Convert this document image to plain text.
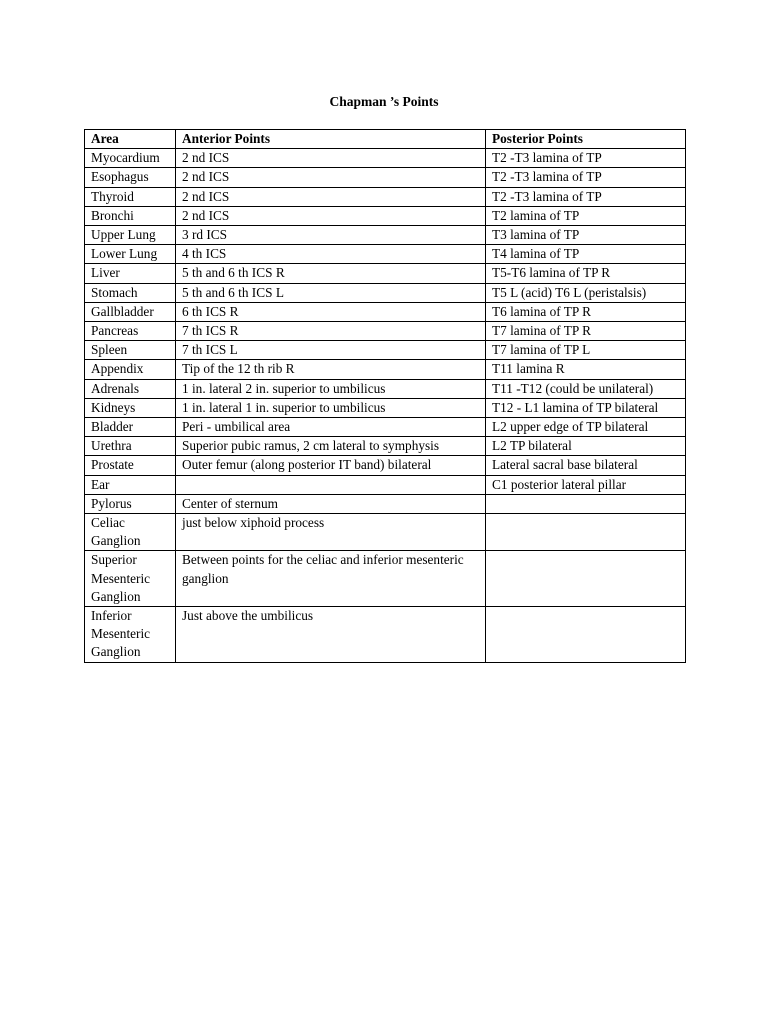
Chapman ’s Points
Area	Anterior Points	Posterior Points
Myocardium	2 nd ICS	T2 -T3 lamina of TP
Esophagus	2 nd ICS	T2 -T3 lamina of TP
Thyroid	2 nd ICS	T2 -T3 lamina of TP
Bronchi	2 nd ICS	T2 lamina of TP
Upper Lung	3 rd ICS	T3 lamina of TP
Lower Lung	4 th ICS	T4 lamina of TP
Liver	5 th and 6 th ICS R	T5-T6 lamina of TP R
Stomach	5 th and 6 th ICS L	T5 L (acid) T6 L (peristalsis)
Gallbladder	6 th ICS R	T6 lamina of TP R
Pancreas	7 th ICS R	T7 lamina of TP R
Spleen	7 th ICS L	T7 lamina of TP L
Appendix	Tip of the 12 th rib R	T11 lamina R
Adrenals	1 in. lateral 2 in. superior to umbilicus	T11 -T12 (could be unilateral)
Kidneys	1 in. lateral 1 in. superior to umbilicus	T12 - L1 lamina of TP bilateral
Bladder	Peri - umbilical area	L2 upper edge of TP bilateral
Urethra	Superior pubic ramus, 2 cm lateral to symphysis	L2 TP bilateral
Prostate	Outer femur (along posterior IT band) bilateral	Lateral sacral base bilateral
Ear		C1 posterior lateral pillar
Pylorus	Center of sternum	
Celiac Ganglion	just below xiphoid process	
Superior Mesenteric Ganglion	Between points for the celiac and inferior mesenteric ganglion	
Inferior Mesenteric Ganglion	Just above the umbilicus	
